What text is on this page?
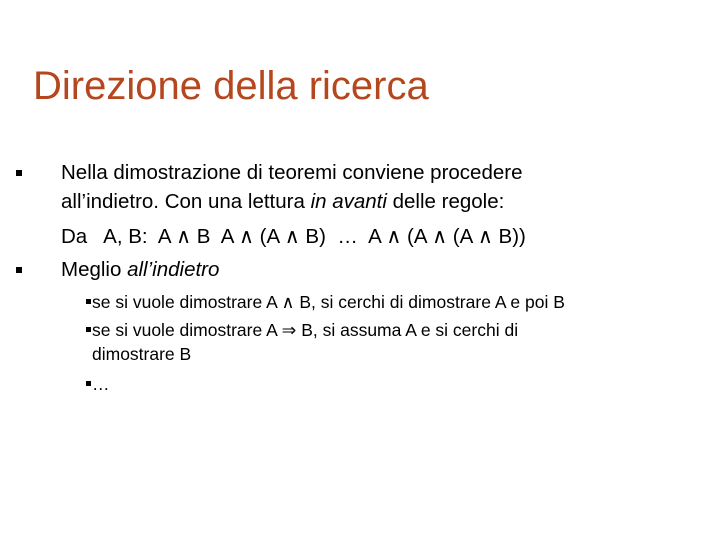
Direzione della ricerca
Nella dimostrazione di teoremi conviene procedere
all’indietro. Con una lettura in avanti delle regole:
Da   A, B:  A ∧ B  A ∧ (A ∧ B)  …  A ∧ (A ∧ (A ∧ B))
Meglio all’indietro
se si vuole dimostrare A ∧ B, si cerchi di dimostrare A e poi B
se si vuole dimostrare A ⇒ B, si assuma A e si cerchi di
dimostrare B
…
